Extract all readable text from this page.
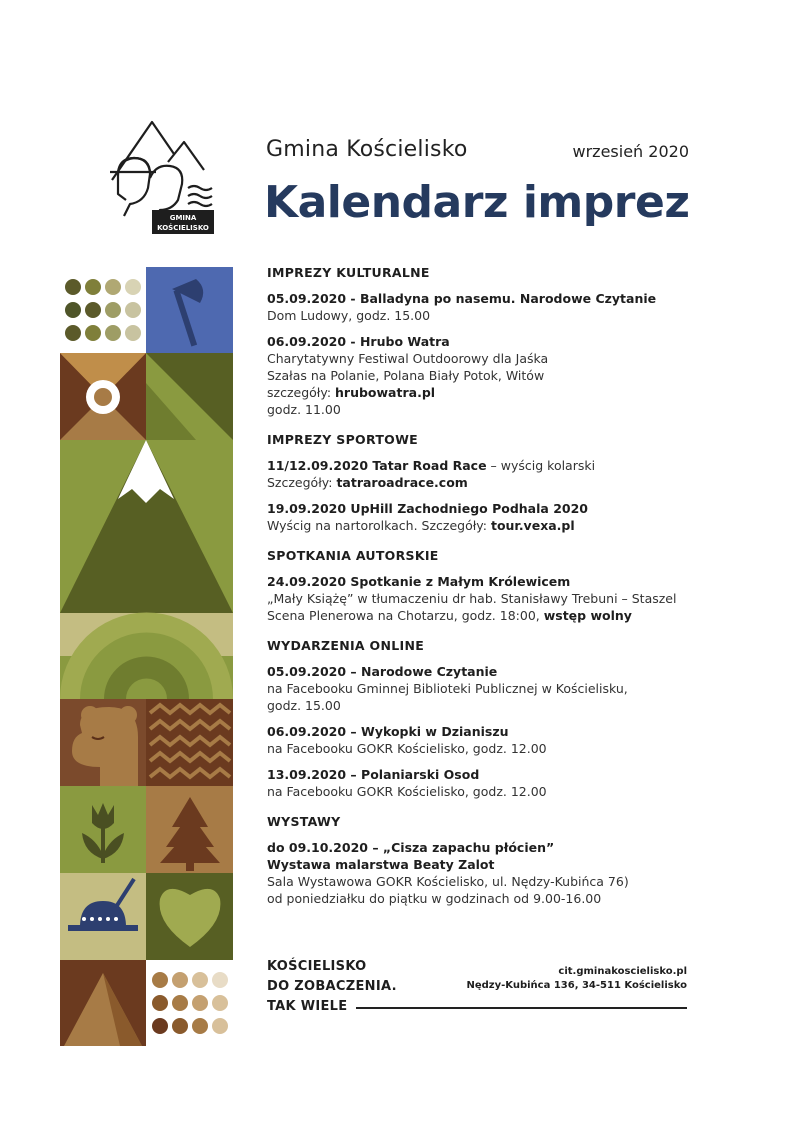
GMINA
KOŚCIELISKO
Gmina Kościelisko	wrzesień 2020
Kalendarz imprez
IMPREZY KULTURALNE
05.09.2020 - Balladyna po nasemu. Narodowe Czytanie
Dom Ludowy, godz. 15.00
06.09.2020 - Hrubo Watra
Charytatywny Festiwal Outdoorowy dla Jaśka
Szałas na Polanie, Polana Biały Potok, Witów
szczegóły: hrubowatra.pl
godz. 11.00
IMPREZY SPORTOWE
11/12.09.2020 Tatar Road Race – wyścig kolarski
Szczegóły: tatraroadrace.com
19.09.2020 UpHill Zachodniego Podhala 2020
Wyścig na nartorolkach. Szczegóły: tour.vexa.pl
SPOTKANIA AUTORSKIE
24.09.2020 Spotkanie z Małym Królewicem
„Mały Książę” w tłumaczeniu dr hab. Stanisławy Trebuni – Staszel
Scena Plenerowa na Chotarzu, godz. 18:00, wstęp wolny
WYDARZENIA ONLINE
05.09.2020 – Narodowe Czytanie
na Facebooku Gminnej Biblioteki Publicznej w Kościelisku,
godz. 15.00
06.09.2020 – Wykopki w Dzianiszu
na Facebooku GOKR Kościelisko, godz. 12.00
13.09.2020 – Polaniarski Osod
na Facebooku GOKR Kościelisko, godz. 12.00
WYSTAWY
do 09.10.2020 – „Cisza zapachu płócien”
Wystawa malarstwa Beaty Zalot
Sala Wystawowa GOKR Kościelisko, ul. Nędzy-Kubińca 76)
od poniedziałku do piątku w godzinach od 9.00-16.00
KOŚCIELISKO
DO ZOBACZENIA.
TAK WIELE
cit.gminakoscielisko.pl
Nędzy-Kubińca 136, 34-511 Kościelisko
